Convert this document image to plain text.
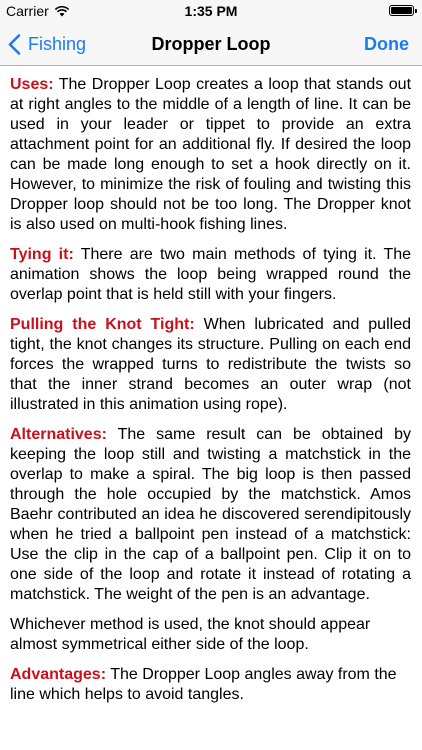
Carrier	1:35 PM
Fishing	Dropper Loop	Done

Uses: The Dropper Loop creates a loop that stands out at right angles to the middle of a length of line. It can be used in your leader or tippet to provide an extra attachment point for an additional fly. If desired the loop can be made long enough to set a hook directly on it. However, to minimize the risk of fouling and twisting this Dropper loop should not be too long. The Dropper knot is also used on multi-hook fishing lines.

Tying it: There are two main methods of tying it. The animation shows the loop being wrapped round the overlap point that is held still with your fingers.

Pulling the Knot Tight: When lubricated and pulled tight, the knot changes its structure. Pulling on each end forces the wrapped turns to redistribute the twists so that the inner strand becomes an outer wrap (not illustrated in this animation using rope).

Alternatives: The same result can be obtained by keeping the loop still and twisting a matchstick in the overlap to make a spiral. The big loop is then passed through the hole occupied by the matchstick. Amos Baehr contributed an idea he discovered serendipitously when he tried a ballpoint pen instead of a matchstick: Use the clip in the cap of a ballpoint pen. Clip it on to one side of the loop and rotate it instead of rotating a matchstick. The weight of the pen is an advantage.

Whichever method is used, the knot should appear almost symmetrical either side of the loop.

Advantages: The Dropper Loop angles away from the line which helps to avoid tangles.
